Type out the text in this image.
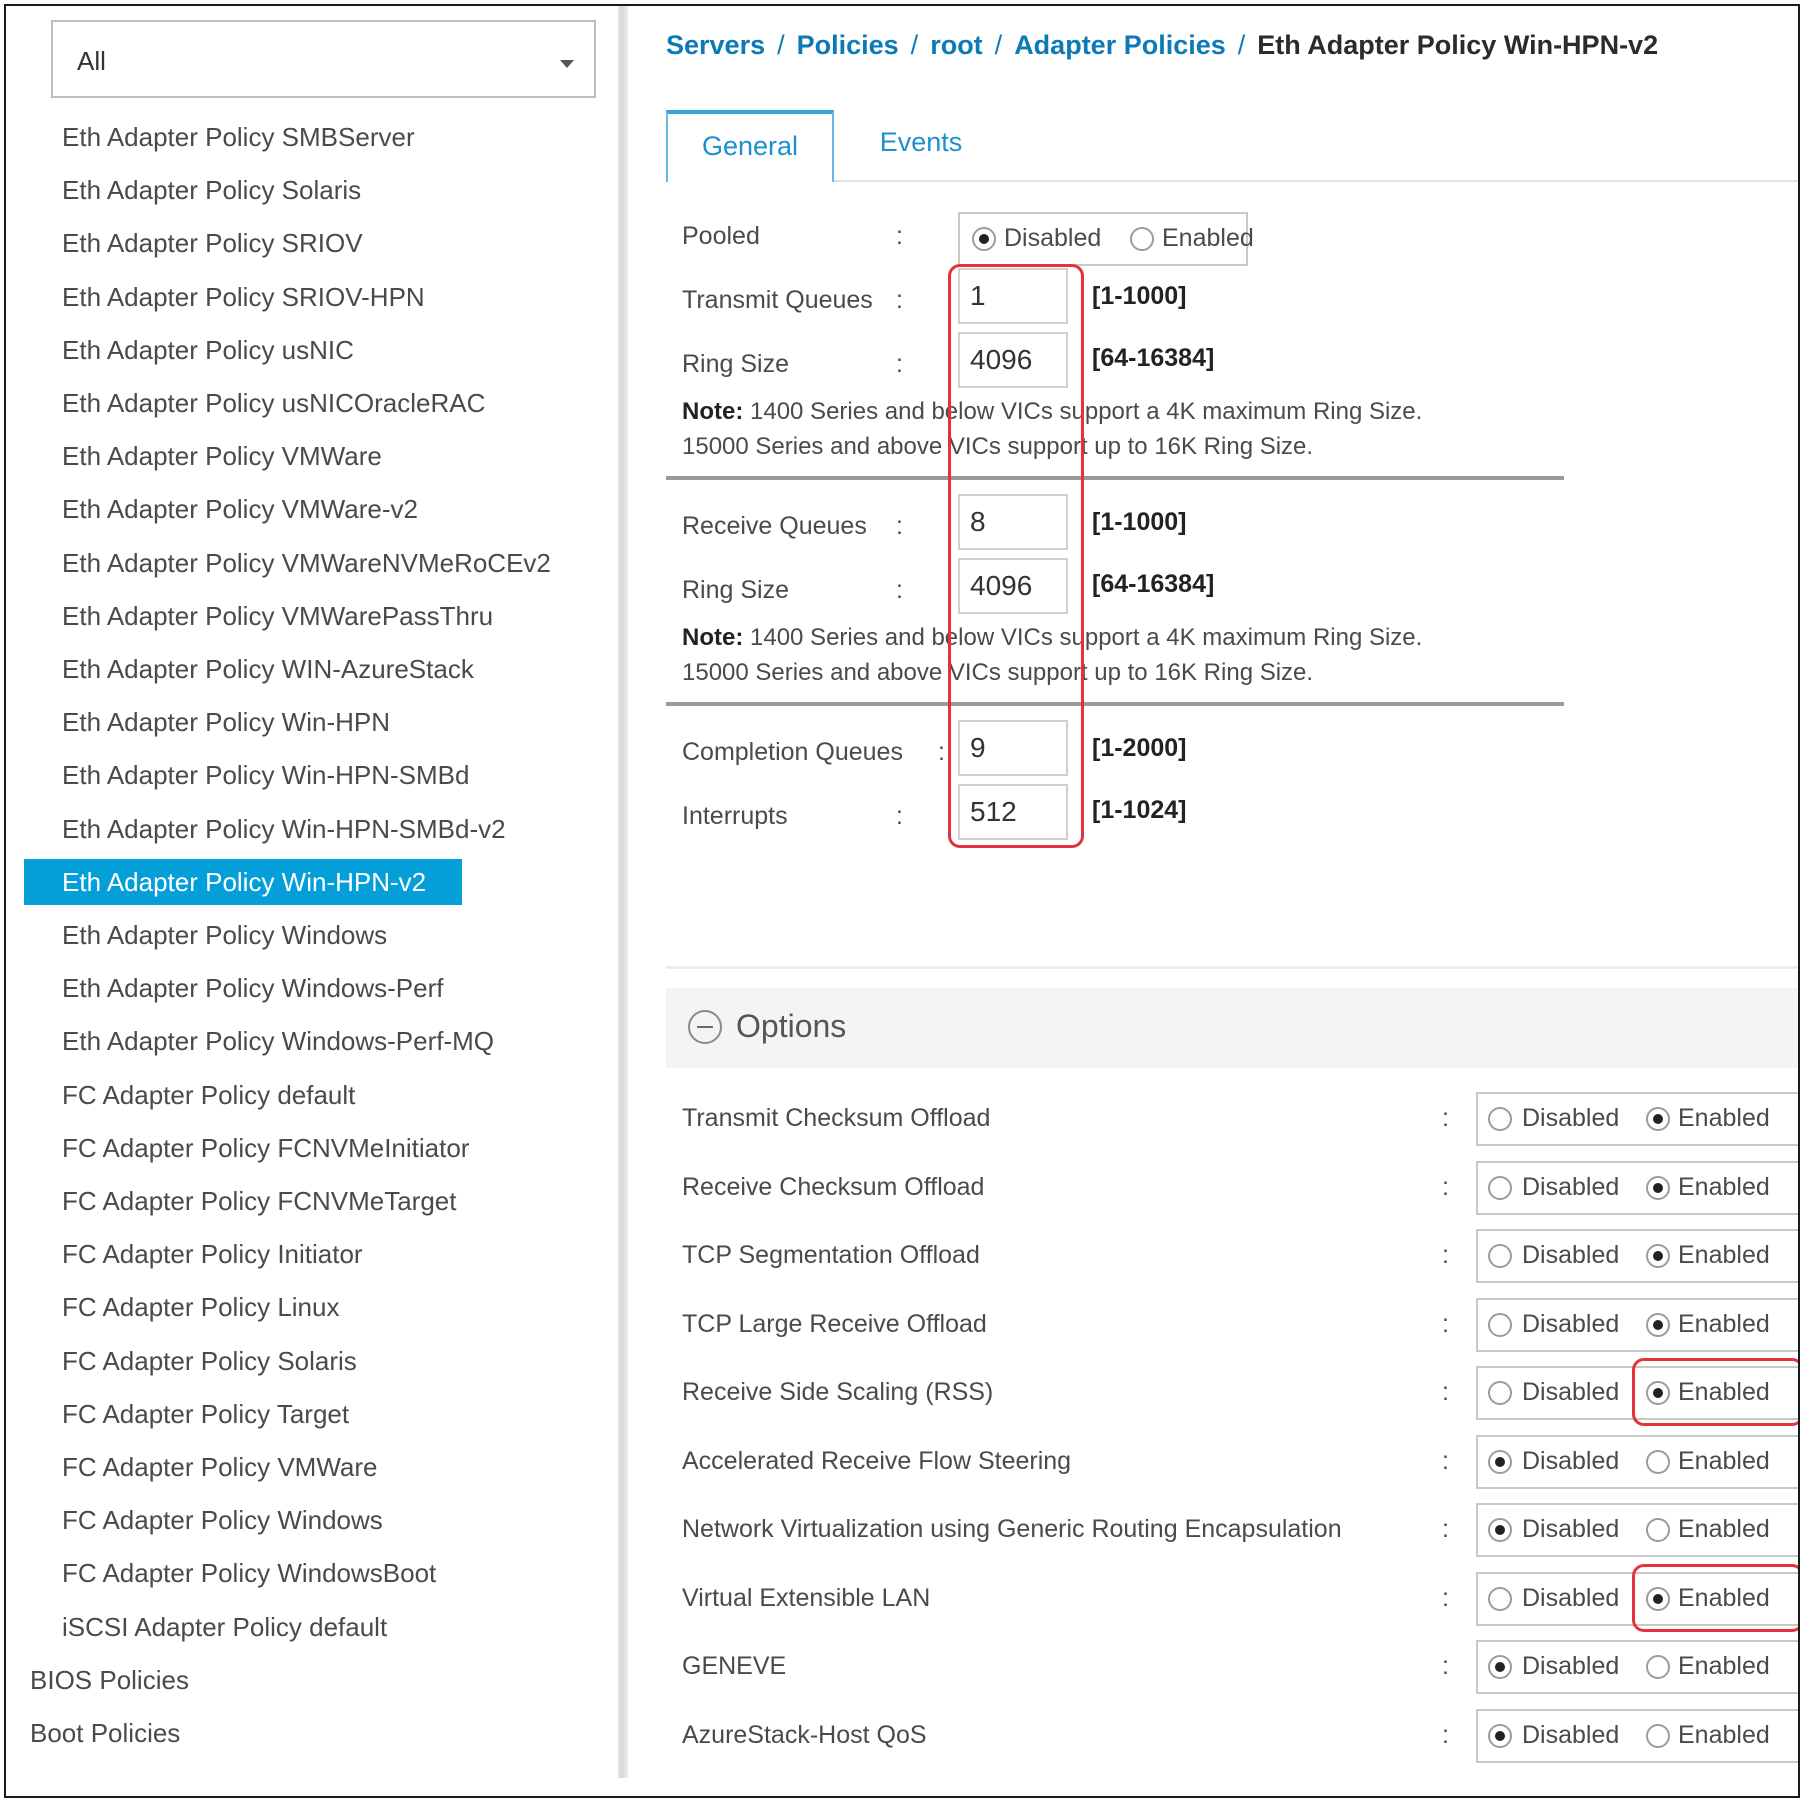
All
Eth Adapter Policy SMBServer
Eth Adapter Policy Solaris
Eth Adapter Policy SRIOV
Eth Adapter Policy SRIOV-HPN
Eth Adapter Policy usNIC
Eth Adapter Policy usNICOracleRAC
Eth Adapter Policy VMWare
Eth Adapter Policy VMWare-v2
Eth Adapter Policy VMWareNVMeRoCEv2
Eth Adapter Policy VMWarePassThru
Eth Adapter Policy WIN-AzureStack
Eth Adapter Policy Win-HPN
Eth Adapter Policy Win-HPN-SMBd
Eth Adapter Policy Win-HPN-SMBd-v2
Eth Adapter Policy Win-HPN-v2
Eth Adapter Policy Windows
Eth Adapter Policy Windows-Perf
Eth Adapter Policy Windows-Perf-MQ
FC Adapter Policy default
FC Adapter Policy FCNVMeInitiator
FC Adapter Policy FCNVMeTarget
FC Adapter Policy Initiator
FC Adapter Policy Linux
FC Adapter Policy Solaris
FC Adapter Policy Target
FC Adapter Policy VMWare
FC Adapter Policy Windows
FC Adapter Policy WindowsBoot
iSCSI Adapter Policy default
BIOS Policies
Boot Policies
Servers / Policies / root / Adapter Policies / Eth Adapter Policy Win-HPN-v2
General	Events
Pooled	:	Disabled Enabled
Transmit Queues :	1	[1-1000]
Ring Size	:	4096	[64-16384]
Note: 1400 Series and below VICs support a 4K maximum Ring Size.
15000 Series and above VICs support up to 16K Ring Size.
Receive Queues :	8	[1-1000]
Ring Size	:	4096	[64-16384]
Note: 1400 Series and below VICs support a 4K maximum Ring Size.
15000 Series and above VICs support up to 16K Ring Size.
Completion Queues : 9	[1-2000]
Interrupts	:	512	[1-1024]
Options
Transmit Checksum Offload	:	Disabled Enabled
Receive Checksum Offload	:	Disabled Enabled
TCP Segmentation Offload	:	Disabled Enabled
TCP Large Receive Offload	:	Disabled Enabled
Receive Side Scaling (RSS)	:	Disabled Enabled
Accelerated Receive Flow Steering	:	Disabled Enabled
Network Virtualization using Generic Routing Encapsulation	:	Disabled Enabled
Virtual Extensible LAN	:	Disabled Enabled
GENEVE	:	Disabled Enabled
AzureStack-Host QoS	:	Disabled Enabled
